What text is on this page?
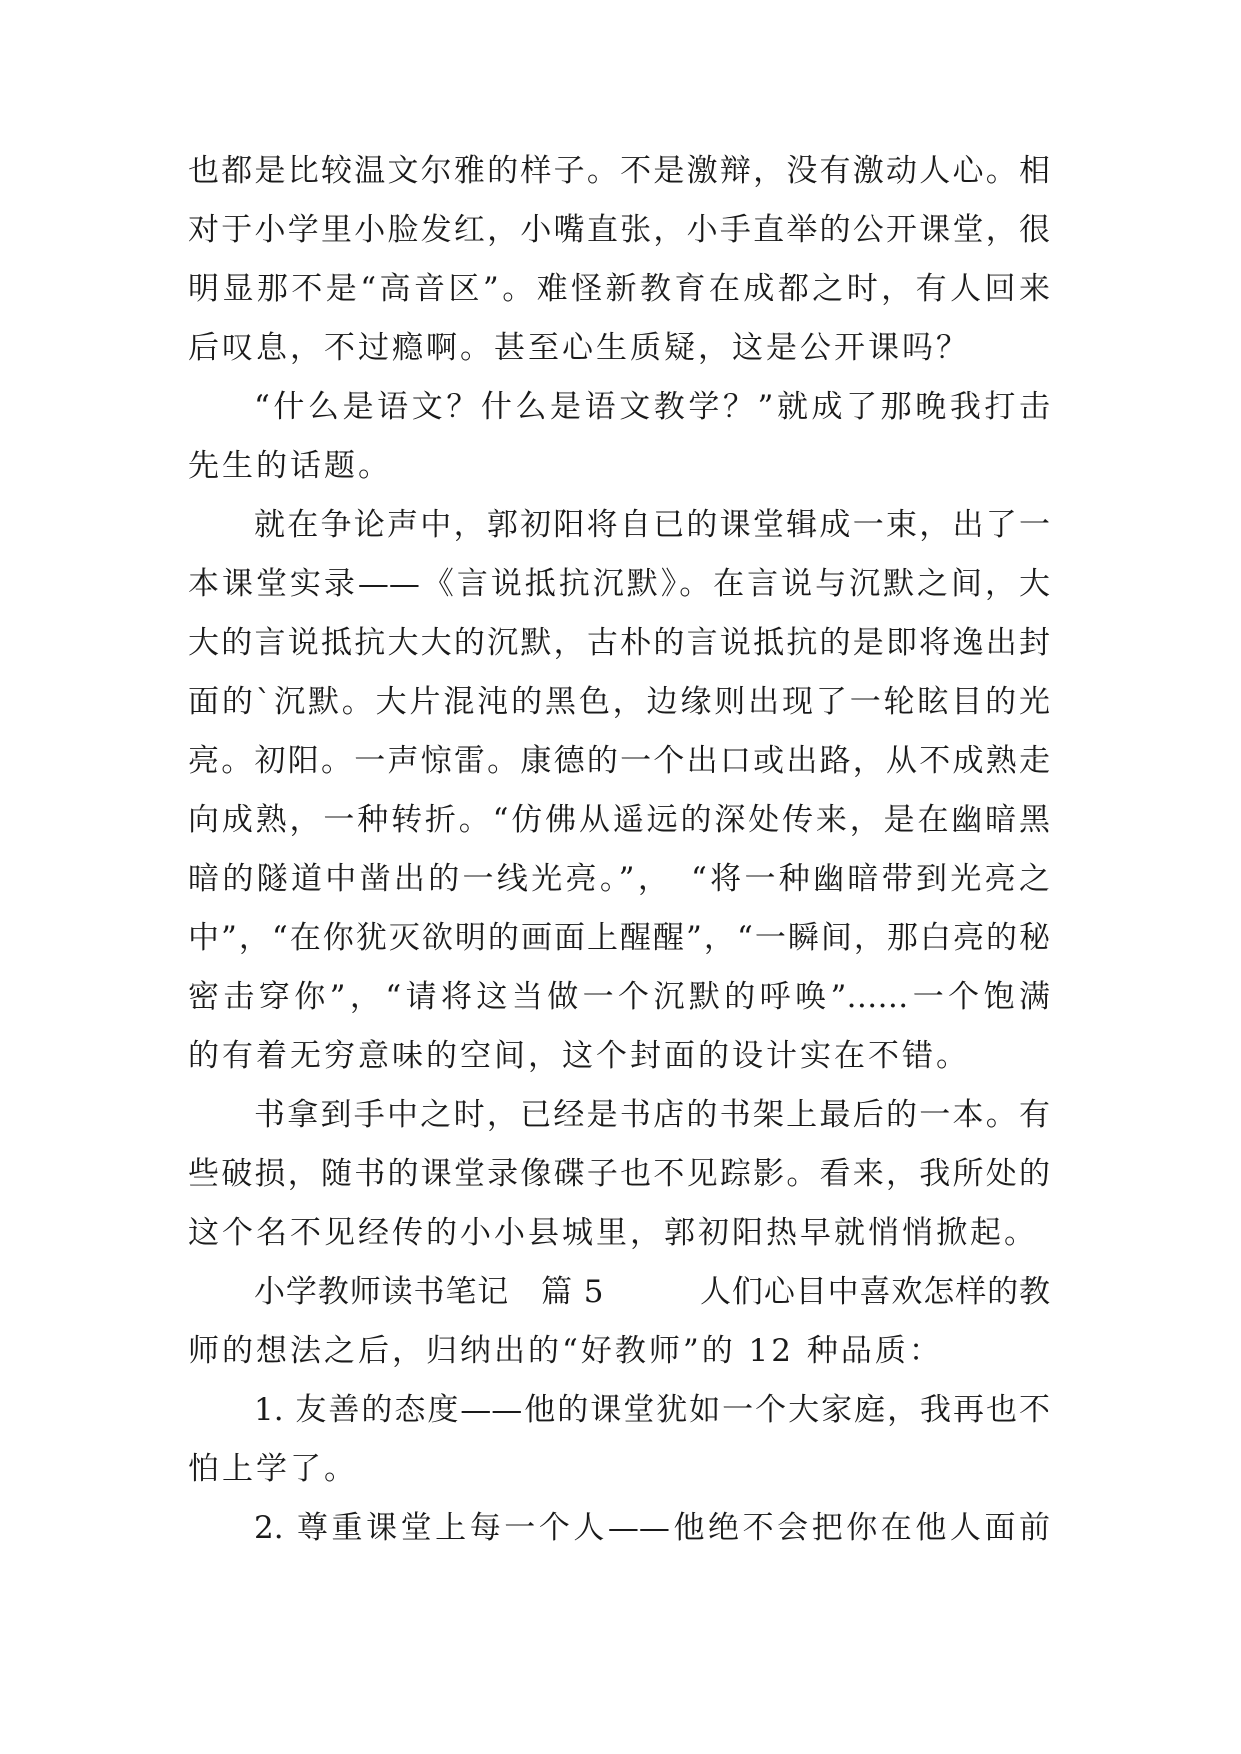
也都是比较温文尔雅的样子。不是激辩，没有激动人心。相

对于小学里小脸发红，小嘴直张，小手直举的公开课堂，很

明显那不是“高音区”。难怪新教育在成都之时，有人回来

后叹息，不过瘾啊。甚至心生质疑，这是公开课吗？

“什么是语文？什么是语文教学？”就成了那晚我打击

先生的话题。

就在争论声中，郭初阳将自已的课堂辑成一束，出了一

本课堂实录——《言说抵抗沉默》。在言说与沉默之间，大

大的言说抵抗大大的沉默，古朴的言说抵抗的是即将逸出封

面的`沉默。大片混沌的黑色，边缘则出现了一轮眩目的光

亮。初阳。一声惊雷。康德的一个出口或出路，从不成熟走

向成熟，一种转折。“仿佛从遥远的深处传来，是在幽暗黑

暗的隧道中凿出的一线光亮。”，　“将一种幽暗带到光亮之

中”，“在你犹灭欲明的画面上醒醒”，“一瞬间，那白亮的秘

密击穿你”，“请将这当做一个沉默的呼唤”……一个饱满

的有着无穷意味的空间，这个封面的设计实在不错。

书拿到手中之时，已经是书店的书架上最后的一本。有

些破损，随书的课堂录像碟子也不见踪影。看来，我所处的

这个名不见经传的小小县城里，郭初阳热早就悄悄掀起。

小学教师读书笔记　篇 5　　　人们心目中喜欢怎样的教

师的想法之后，归纳出的“好教师”的 12 种品质：

1. 友善的态度——他的课堂犹如一个大家庭，我再也不

怕上学了。

2. 尊重课堂上每一个人——他绝不会把你在他人面前
